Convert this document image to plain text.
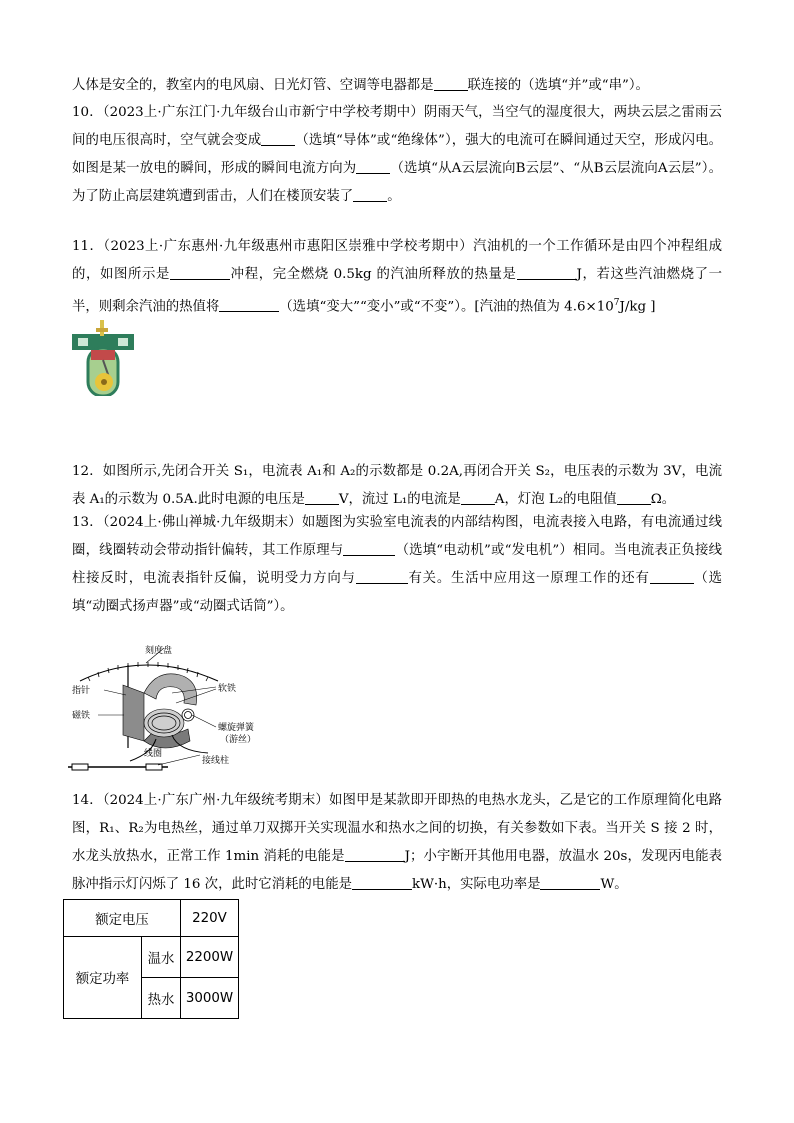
人体是安全的，教室内的电风扇、日光灯管、空调等电器都是	联连接的（选填“并”或“串”）。

10．（2023上·广东江门·九年级台山市新宁中学校考期中）阴雨天气，当空气的湿度很大，两块云层之雷雨云间的电压很高时，空气就会变成	（选填“导体”或“绝缘体”），强大的电流可在瞬间通过天空，形成闪电。如图是某一放电的瞬间，形成的瞬间电流方向为	（选填“从A云层流向B云层”、“从B云层流向A云层”）。为了防止高层建筑遭到雷击，人们在楼顶安装了	。

11．（2023上·广东惠州·九年级惠州市惠阳区崇雅中学校考期中）汽油机的一个工作循环是由四个冲程组成的，如图所示是	冲程，完全燃烧 0.5kg 的汽油所释放的热量是	J，若这些汽油燃烧了一半，则剩余汽油的热值将	（选填“变大”“变小”或“不变”）。[汽油的热值为 $4.6\times 10^7J/kg$ ]

12．如图所示,先闭合开关 S₁，电流表 A₁和 A₂的示数都是 0.2A,再闭合开关 S₂，电压表的示数为 3V，电流表 A₁的示数为 0.5A.此时电源的电压是	V，流过 L₁的电流是	A，灯泡 L₂的电阻值	Ω。

13．（2024上·佛山禅城·九年级期末）如题图为实验室电流表的内部结构图，电流表接入电路，有电流通过线圈，线圈转动会带动指针偏转，其工作原理与	（选填“电动机”或“发电机”）相同。当电流表正负接线柱接反时，电流表指针反偏，说明受力方向与	有关。生活中应用这一原理工作的还有	（选填“动圈式扬声器”或“动圈式话筒”）。

刻度盘
指针	软铁
磁铁
螺旋弹簧
（游丝）
线圈
接线柱

14．（2024上·广东广州·九年级统考期末）如图甲是某款即开即热的电热水龙头，乙是它的工作原理简化电路图，R₁、R₂为电热丝，通过单刀双掷开关实现温水和热水之间的切换，有关参数如下表。当开关 S 接 2 时，水龙头放热水，正常工作 1min 消耗的电能是	J；小宇断开其他用电器，放温水 20s，发现丙电能表脉冲指示灯闪烁了 16 次，此时它消耗的电能是	kW·h，实际电功率是	W。

额定电压		220V
额定功率	温水	2200W
	热水	3000W
